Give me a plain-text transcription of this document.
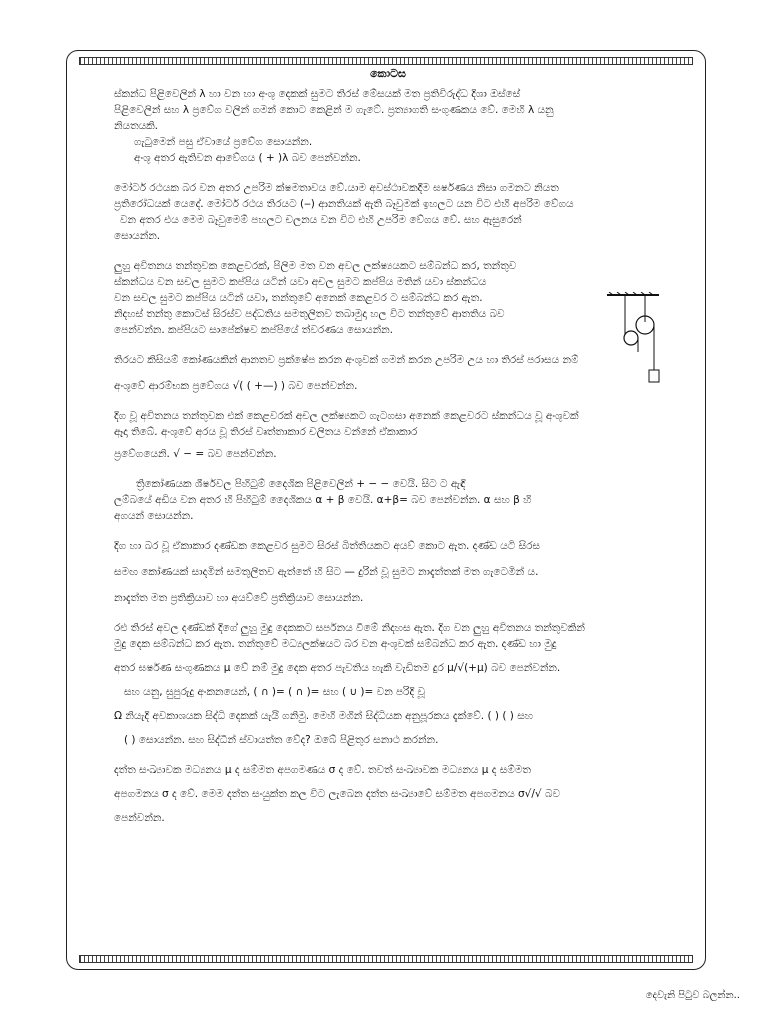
කොටස

ස්කන්ධ පිළිවෙලින් λ හා වන හා අංශු දෙකක් සුමට තිරස් මේසයක් මත ප්‍රතිවිරුද්ධ දිශා ඔස්සේ

පිළිවෙලින් සහ λ ප්‍රවේග වලින් ගමන් කොට කෙළින් ම ගැටේ. ප්‍රත්‍යාගති සංගුණකය වේ. මෙහි λ යනු

නියතයකි.

ගැටුමෙන් පසු ඒවායේ ප්‍රවේග සොයන්න.

අංශු අතර ඇතිවන ආවේගය ( + )λ බව පෙන්වන්න.

මෝටර් රථයක බර වන අතර උපරිම ක්ෂමතාවය වේ.යාම අවස්ථාවකදීම ඝර්ෂණය නිසා ගමනට නියත

ප්‍රතිරෝධයක් යෙදේ. මෝටර් රථය තිරයට (‒) ආනතියක් ඇති බෑවුමක් ඉහලට යන විට එහි අපරිම වේගය

වන අතර එය මෙම බෑවුමෙම් පහලට චලනය වන විට එහි උපරිම වේගය වේ. සහ ඇසුරෙන්

සොයන්න.

ලුහු අවිතනය තන්තුවක කෙළවරක්, පිලිම මත වන අවල ලක්ෂ්‍යයකට සම්බන්ධ කර, තන්තුව

ස්කන්ධය වන සචල සුමට කප්පිය යටින් යවා අචල සුමට කප්පිය මතින් යවා ස්කන්ධය

වන සචල සුමට කප්පිය යටින් යවා, තන්තුවේ අනෙක් කෙළවර ට සම්බන්ධ කර ඇත.

නිදහස් තන්තු කොටස් සිරස්ව පද්ධතිය සමතුලිතව තබාමුදා හල විට තන්තුවේ ආතතිය බව

පෙන්වන්න. කප්පියට සාපේක්ෂව කප්පියේ ත්වරණය සොයන්න.

තිරයට කිසියම් කෝණයකින් ආනතව ප්‍රක්ෂේප කරන අංශුවක් ගමන් කරන උපරිම උය හා තිරස් පරාසය නම්

අංශුවේ ආරම්භක ප්‍රවේගය √( ( +—) ) බව පෙන්වන්න.

දිග වූ අවිතනය තන්තුවක එක් කෙළවරක් අචල ලක්ෂ්‍යකට ගැටගසා අනෙක් කෙළවරට ස්කන්ධය වූ අංශුවක්

ඈදා තිබේ. අංශුවේ අරය වූ තිරස් වෘත්තාකාර චලිතය වන්නේ ඒකාකාර

ප්‍රවේගයෙනි. √ − = බව පෙන්වන්න.

ත්‍රිකෝණයක ශීර්ෂවල පිහිටුම් දෛශික පිළිවෙලින් + − − වෙයි. සිට ට ඇඳි

ලම්බයේ අඩිය වන අතර හි පිහිටුම් දෛශිකය α + β වෙයි. α+β= බව පෙන්වන්න. α සහ β හි

අගයන් සොයන්න.

දිග හා බර වූ ඒකාකාර දණ්ඩක කෙළවර සුමට සිරස් බිත්තියකට අයව් කොට ඇත. දණ්ඩ යටි සිරස

සමඟ කෝණයක් සාදමින් සමතුලිතව ඇත්තේ හි සිට — දුරින් වූ සුමට නාදැත්තක් මත ගැටෙමින් ය.

නාදැත්ත මත ප්‍රතික්‍රියාව හා අයව්වේ ප්‍රතික්‍රියාව සොයන්න.

රළු තිරස් අවල දණ්ඩක් දිගේ ලුහු මුදු දෙකකට සර්පනය වීමේ නිදහස ඇත. දිග වන ලුහු අවිතනය තන්තුවකින්

මුදු දෙක සම්බන්ධ කර ඇත. තන්තුවේ මධ්‍යලක්ෂයට බර වන අංශුවක් සම්බන්ධ කර ඇත. දණ්ඩ හා මුදු

අතර ඝර්ෂණ සංගුණකය μ වේ නම් මුදු දෙක අතර පැවතිය හැකි වැඩිතම දුර μ/√(+μ) බව පෙන්වන්න.

සහ යනු, සුපුරුදු අංකනයෙන්, ( ∩ )= ( ∩ )= සහ ( ∪ )= වන පරිදි වූ

Ω නියැදි අවකාශයක සිද්ධි දෙකක් යැයි ගනිමු. මෙහි මගින් සිද්ධියක අනුපූරකය දැක්වේ. ( ) ( ) සහ

( ) සොයන්න. සහ සිද්ධීන් ස්වායත්ත වේද? ඔබේ පිළිතුර සනාථ කරන්න.

දත්ත සංඛ්‍යාවක මධ්‍යනය μ ද සම්මත අපගමණය σ ද වේ. තවත් සංඛ්‍යාවක මධ්‍යනය μ ද සම්මත

අපගමනය σ ද වේ. මෙම දත්ත සංයුක්ත කල විට ලැබෙන දත්ත සංඛ්‍යාවේ සම්මත අපගමනය σ√/√ බව

පෙන්වන්න.

දෙවැනි පිටුව බලන්න..
